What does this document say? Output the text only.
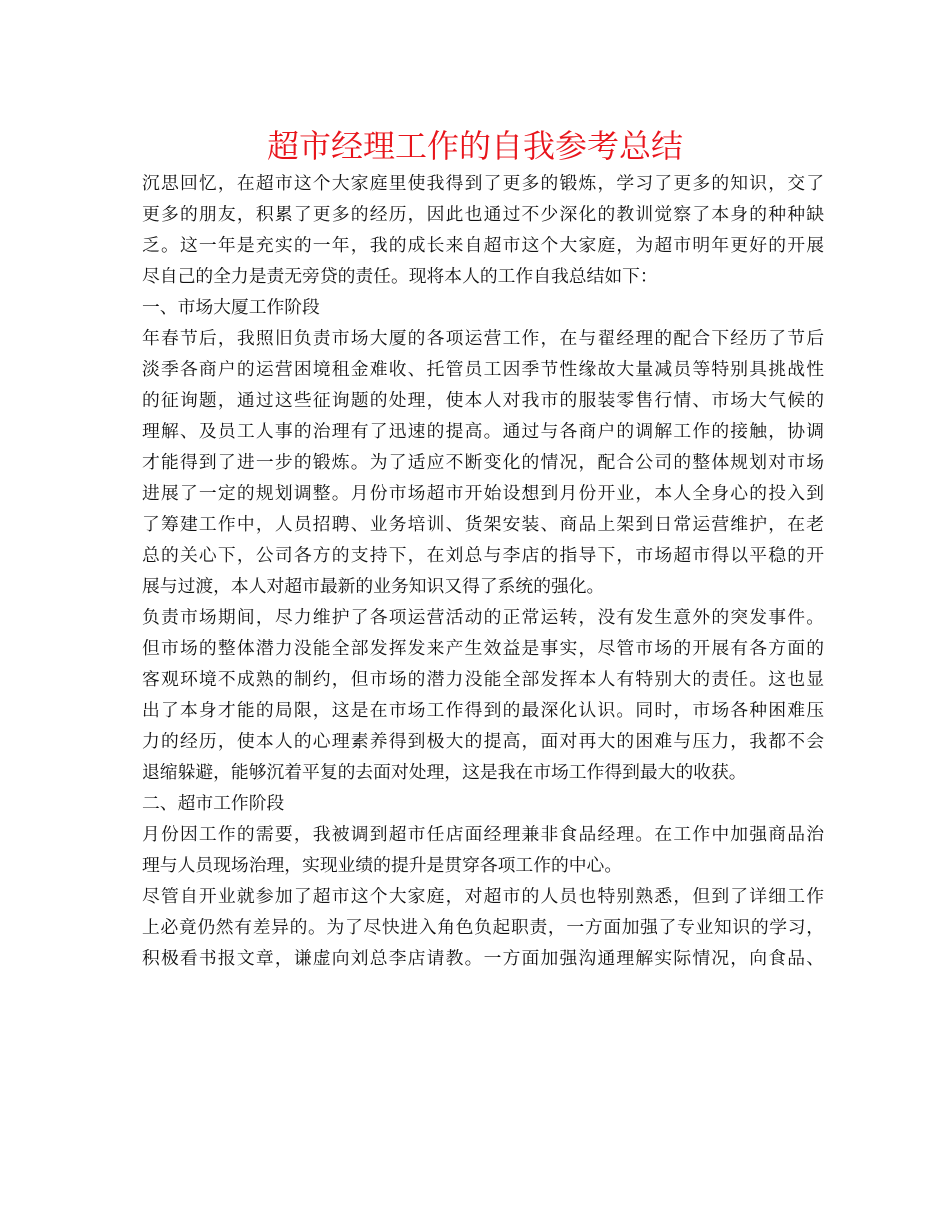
超市经理工作的自我参考总结
沉思回忆，在超市这个大家庭里使我得到了更多的锻炼，学习了更多的知识，交了
更多的朋友，积累了更多的经历，因此也通过不少深化的教训觉察了本身的种种缺
乏。这一年是充实的一年，我的成长来自超市这个大家庭，为超市明年更好的开展
尽自己的全力是责无旁贷的责任。现将本人的工作自我总结如下：
一、市场大厦工作阶段
年春节后，我照旧负责市场大厦的各项运营工作，在与翟经理的配合下经历了节后
淡季各商户的运营困境租金难收、托管员工因季节性缘故大量减员等特别具挑战性
的征询题，通过这些征询题的处理，使本人对我市的服装零售行情、市场大气候的
理解、及员工人事的治理有了迅速的提高。通过与各商户的调解工作的接触，协调
才能得到了进一步的锻炼。为了适应不断变化的情况，配合公司的整体规划对市场
进展了一定的规划调整。月份市场超市开始设想到月份开业，本人全身心的投入到
了筹建工作中，人员招聘、业务培训、货架安装、商品上架到日常运营维护，在老
总的关心下，公司各方的支持下，在刘总与李店的指导下，市场超市得以平稳的开
展与过渡，本人对超市最新的业务知识又得了系统的强化。
负责市场期间，尽力维护了各项运营活动的正常运转，没有发生意外的突发事件。
但市场的整体潜力没能全部发挥发来产生效益是事实，尽管市场的开展有各方面的
客观环境不成熟的制约，但市场的潜力没能全部发挥本人有特别大的责任。这也显
出了本身才能的局限，这是在市场工作得到的最深化认识。同时，市场各种困难压
力的经历，使本人的心理素养得到极大的提高，面对再大的困难与压力，我都不会
退缩躲避，能够沉着平复的去面对处理，这是我在市场工作得到最大的收获。
二、超市工作阶段
月份因工作的需要，我被调到超市任店面经理兼非食品经理。在工作中加强商品治
理与人员现场治理，实现业绩的提升是贯穿各项工作的中心。
尽管自开业就参加了超市这个大家庭，对超市的人员也特别熟悉，但到了详细工作
上必竟仍然有差异的。为了尽快进入角色负起职责，一方面加强了专业知识的学习，
积极看书报文章，谦虚向刘总李店请教。一方面加强沟通理解实际情况，向食品、
